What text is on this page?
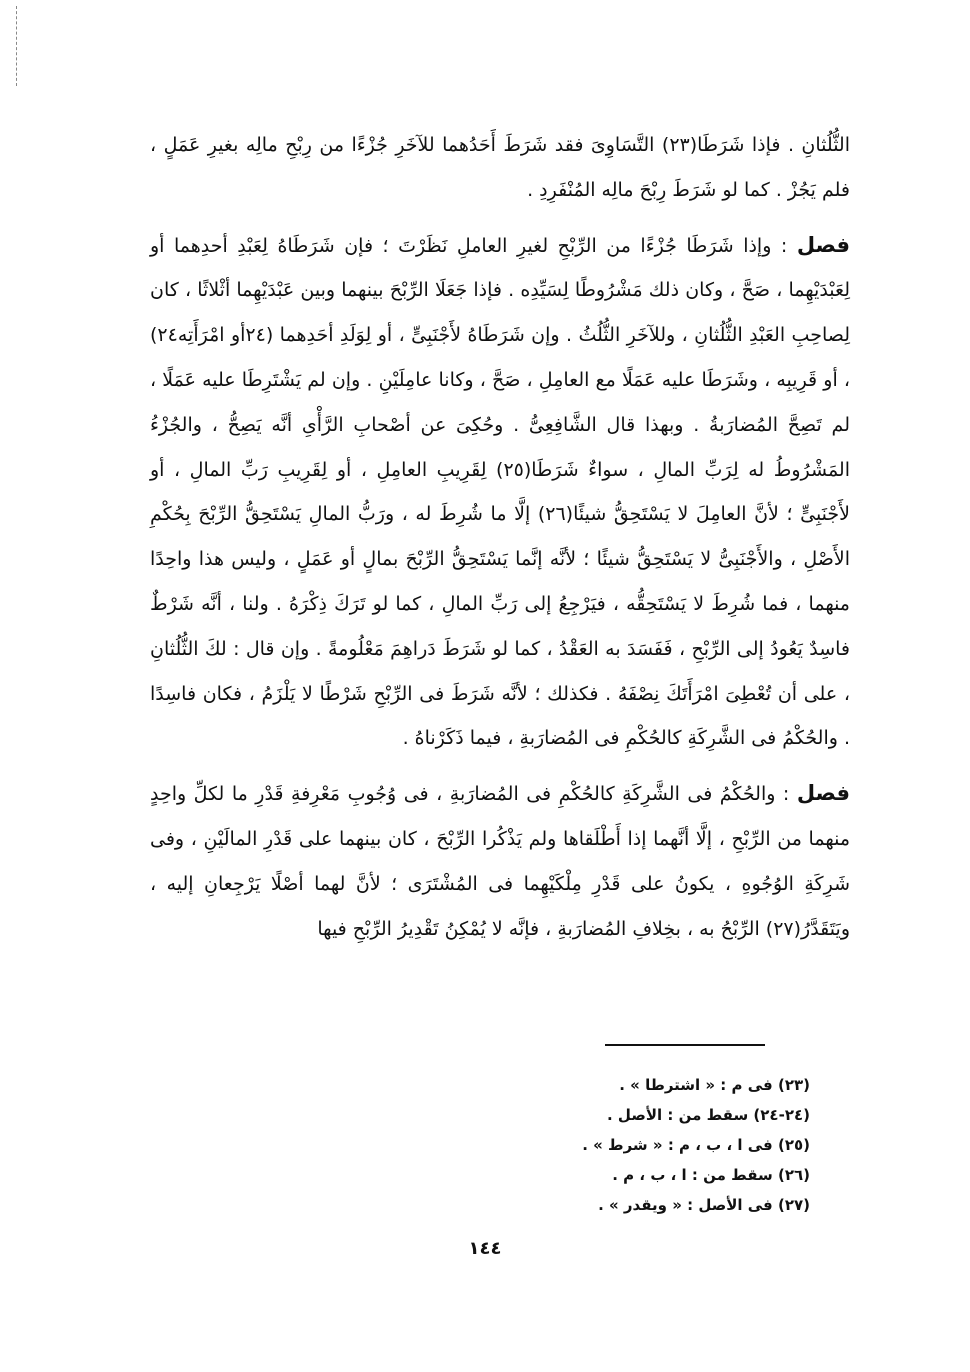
الثُّلُثانِ . فإذا شَرَطَا(٢٣) التَّسَاوِىَ فقد شَرَطَ أَحَدُهما للآخَرِ جُزْءًا من رِبْحِ مالِه بغيرِ عَمَلٍ ، فلم يَجُزْ . كما لو شَرَطَ رِبْحَ مالِه المُنْفَرِدِ .

فصل : وإذا شَرَطَا جُزْءًا من الرِّبْحِ لغيرِ العاملِ نَظَرْتَ ؛ فإن شَرَطَاهُ لِعَبْدِ أحدِهما أو لِعَبْدَيْهِما ، صَحَّ ، وكان ذلك مَشْرُوطًا لِسَيِّدِه . فإذا جَعَلَا الرِّبْحَ بينهما وبين عَبْدَيْهِما أثْلاثًا ، كان لِصاحِبِ العَبْدِ الثُّلُثانِ ، وللآخَرِ الثُّلُثُ . وإن شَرَطَاهُ لأَجْنَبِىٍّ ، أو لِوَلَدِ أحَدِهما (٢٤أو امْرَأَتِه٢٤) ، أو قَرِيبِه ، وشَرَطَا عليه عَمَلًا مع العامِلِ ، صَحَّ ، وكانا عامِلَيْنِ . وإن لم يَشْتَرِطَا عليه عَمَلًا ، لم تَصِحَّ المُضارَبةُ . وبهذا قال الشَّافِعِىُّ . وحُكِىَ عن أصْحابِ الرَّأْىِ أنَّه يَصِحُّ ، والجُزْءُ المَشْرُوطُ له لِرَبِّ المالِ ، سواءٌ شَرَطَا(٢٥) لِقَرِيبِ العامِلِ ، أو لِقَرِيبِ رَبِّ المالِ ، أو لأَجْنَبِىٍّ ؛ لأنَّ العامِلَ لا يَسْتَحِقُّ شيئًا(٢٦) إلَّا ما شُرِطَ له ، ورَبُّ المالِ يَسْتَحِقُّ الرِّبْحَ بِحُكْمِ الأَصْلِ ، والأَجْنَبِىُّ لا يَسْتَحِقُّ شيئًا ؛ لأنَّه إنَّما يَسْتَحِقُّ الرِّبْحَ بمالٍ أو عَمَلٍ ، وليس هذا واحِدًا منهما ، فما شُرِطَ لا يَسْتَحِقُّه ، فيَرْجِعُ إلى رَبِّ المالِ ، كما لو تَرَكَ ذِكْرَهُ . ولنا ، أنَّه شَرْطٌ فاسِدٌ يَعُودُ إلى الرِّبْحِ ، فَفَسَدَ به العَقْدُ ، كما لو شَرَطَ دَراهِمَ مَعْلُومةً . وإن قال : لكَ الثُّلُثانِ ، على أن تُعْطِىَ امْرَأَتَكَ نِصْفَهُ . فكذلك ؛ لأنَّه شَرَطَ فى الرِّبْحِ شَرْطًا لا يَلْزَمُ ، فكان فاسِدًا . والحُكْمُ فى الشَّرِكَةِ كالحُكْمِ فى المُضارَبةِ ، فيما ذَكَرْناهُ .

فصل : والحُكْمُ فى الشَّرِكَةِ كالحُكْمِ فى المُضارَبةِ ، فى وُجُوبِ مَعْرِفةِ قَدْرِ ما لكلِّ واحِدٍ منهما من الرِّبْحِ ، إلَّا أنَّهما إذا أَطْلَقاها ولم يَذْكُرا الرِّبْحَ ، كان بينهما على قَدْرِ المالَيْنِ ، وفى شَرِكَةِ الوُجُوهِ ، يكونُ على قَدْرِ مِلْكَيْهِما فى المُشْتَرَى ؛ لأنَّ لهما أصْلًا يَرْجِعانِ إليه ، ويَتَقَدَّرُ(٢٧) الرِّبْحُ به ، بخِلافِ المُضارَبةِ ، فإنَّه لا يُمْكِنُ تَقْدِيرُ الرِّبْحِ فيها

(٢٣) فى م : « اشترطا » .

(٢٤-٢٤) سقط من : الأصل .

(٢٥) فى ا ، ب ، م : « شرط » .

(٢٦) سقط من : ا ، ب ، م .

(٢٧) فى الأصل : « ويقدر » .

١٤٤
